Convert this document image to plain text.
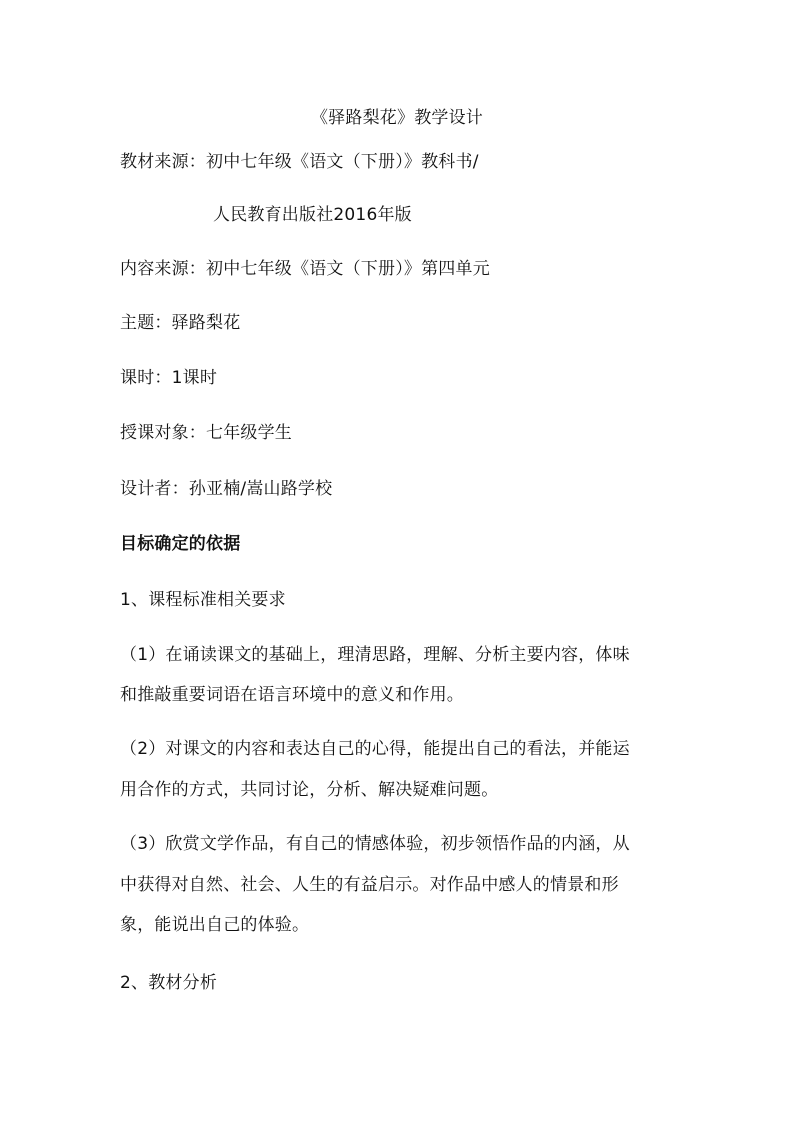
《驿路梨花》教学设计
教材来源：初中七年级《语文（下册）》教科书/
人民教育出版社2016年版
内容来源：初中七年级《语文（下册）》第四单元
主题：驿路梨花
课时：1课时
授课对象：七年级学生
设计者：孙亚楠/嵩山路学校
目标确定的依据
1、课程标准相关要求
（1）在诵读课文的基础上，理清思路，理解、分析主要内容，体味
和推敲重要词语在语言环境中的意义和作用。
（2）对课文的内容和表达自己的心得，能提出自己的看法，并能运
用合作的方式，共同讨论，分析、解决疑难问题。
（3）欣赏文学作品，有自己的情感体验，初步领悟作品的内涵，从
中获得对自然、社会、人生的有益启示。对作品中感人的情景和形
象，能说出自己的体验。
2、教材分析
